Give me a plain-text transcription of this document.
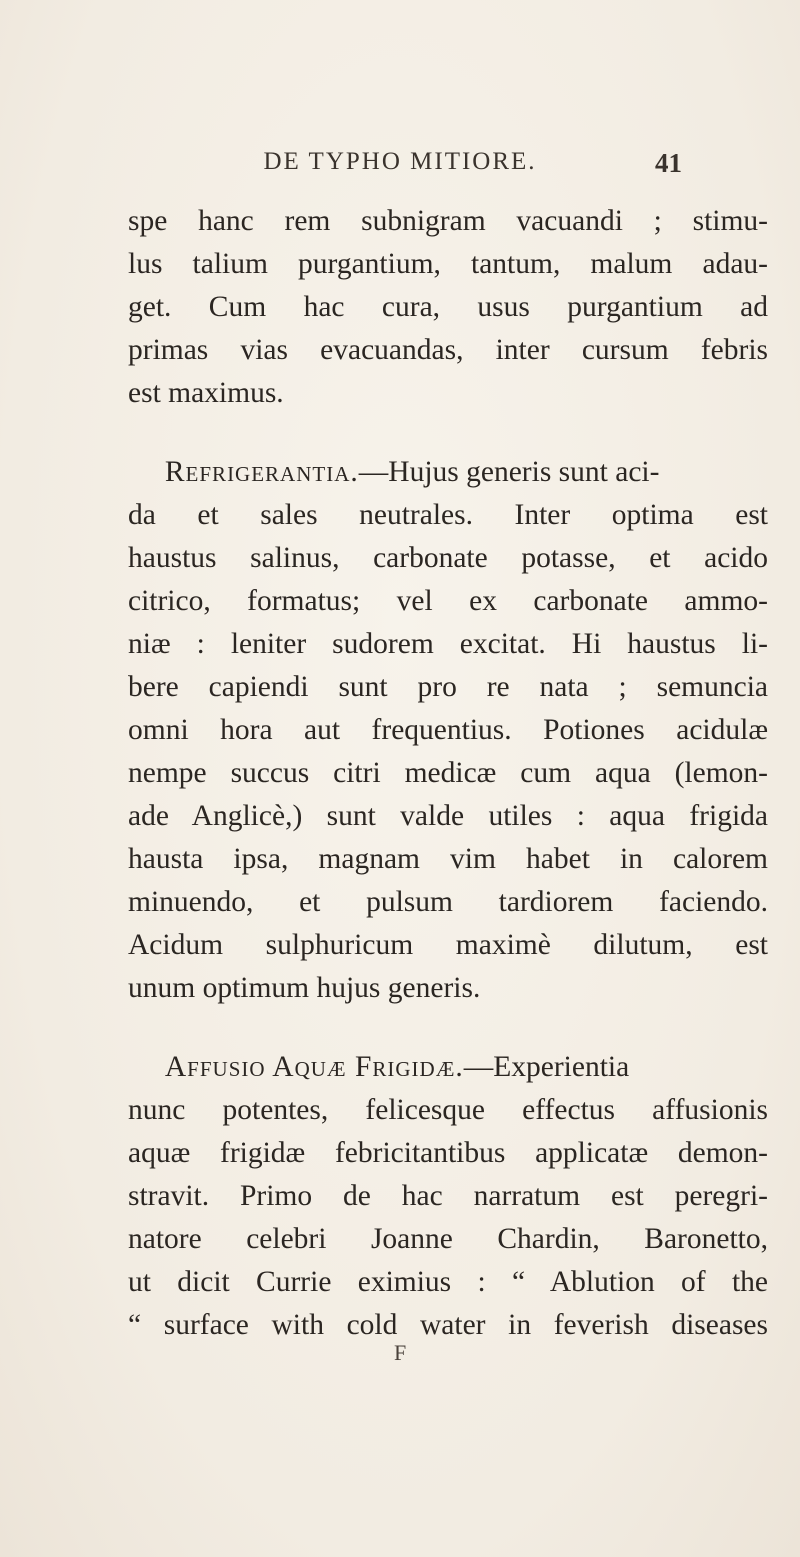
DE TYPHO MITIORE.	41
spe hanc rem subnigram vacuandi ; stimu-
lus talium purgantium, tantum, malum adau-
get. Cum hac cura, usus purgantium ad
primas vias evacuandas, inter cursum febris
est maximus.
Refrigerantia.—Hujus generis sunt aci-
da et sales neutrales. Inter optima est
haustus salinus, carbonate potasse, et acido
citrico, formatus; vel ex carbonate ammo-
niæ : leniter sudorem excitat. Hi haustus li-
bere capiendi sunt pro re nata ; semuncia
omni hora aut frequentius. Potiones acidulæ
nempe succus citri medicæ cum aqua (lemon-
ade Anglicè,) sunt valde utiles : aqua frigida
hausta ipsa, magnam vim habet in calorem
minuendo, et pulsum tardiorem faciendo.
Acidum sulphuricum maximè dilutum, est
unum optimum hujus generis.
Affusio Aquæ Frigidæ.—Experientia
nunc potentes, felicesque effectus affusionis
aquæ frigidæ febricitantibus applicatæ demon-
stravit. Primo de hac narratum est peregri-
natore celebri Joanne Chardin, Baronetto,
ut dicit Currie eximius : “ Ablution of the
“ surface with cold water in feverish diseases
F
